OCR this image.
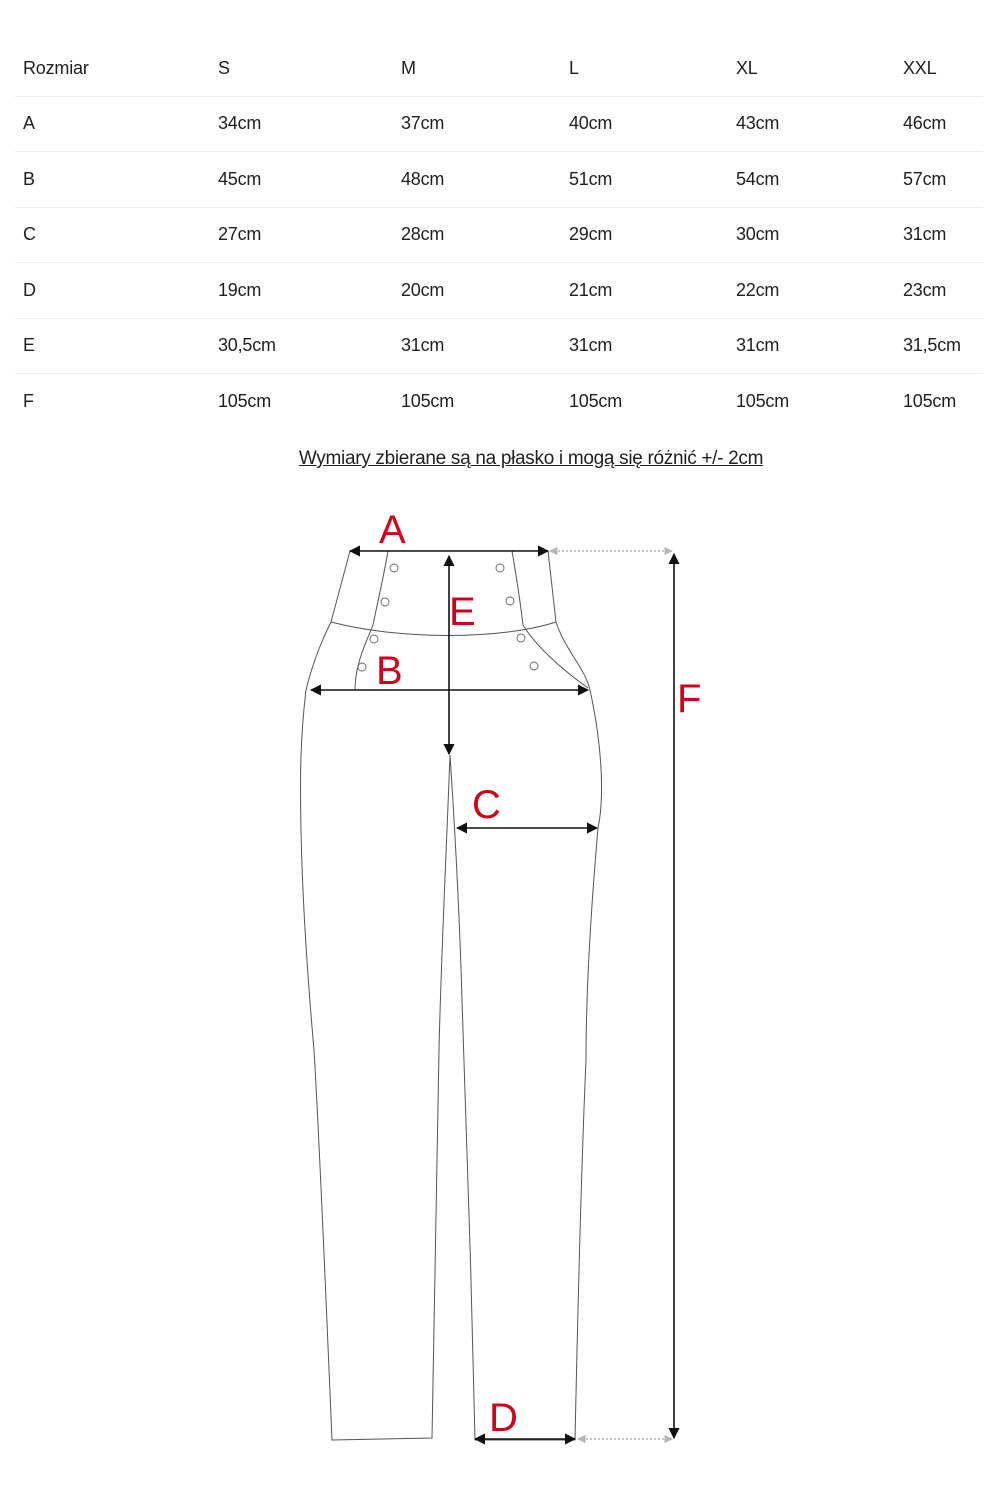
Rozmiar	S	M	L	XL	XXL
A	34cm	37cm	40cm	43cm	46cm
B	45cm	48cm	51cm	54cm	57cm
C	27cm	28cm	29cm	30cm	31cm
D	19cm	20cm	21cm	22cm	23cm
E	30,5cm	31cm	31cm	31cm	31,5cm
F	105cm	105cm	105cm	105cm	105cm
Wymiary zbierane są na płasko i mogą się różnić +/- 2cm
A
E
B
F
C
D
